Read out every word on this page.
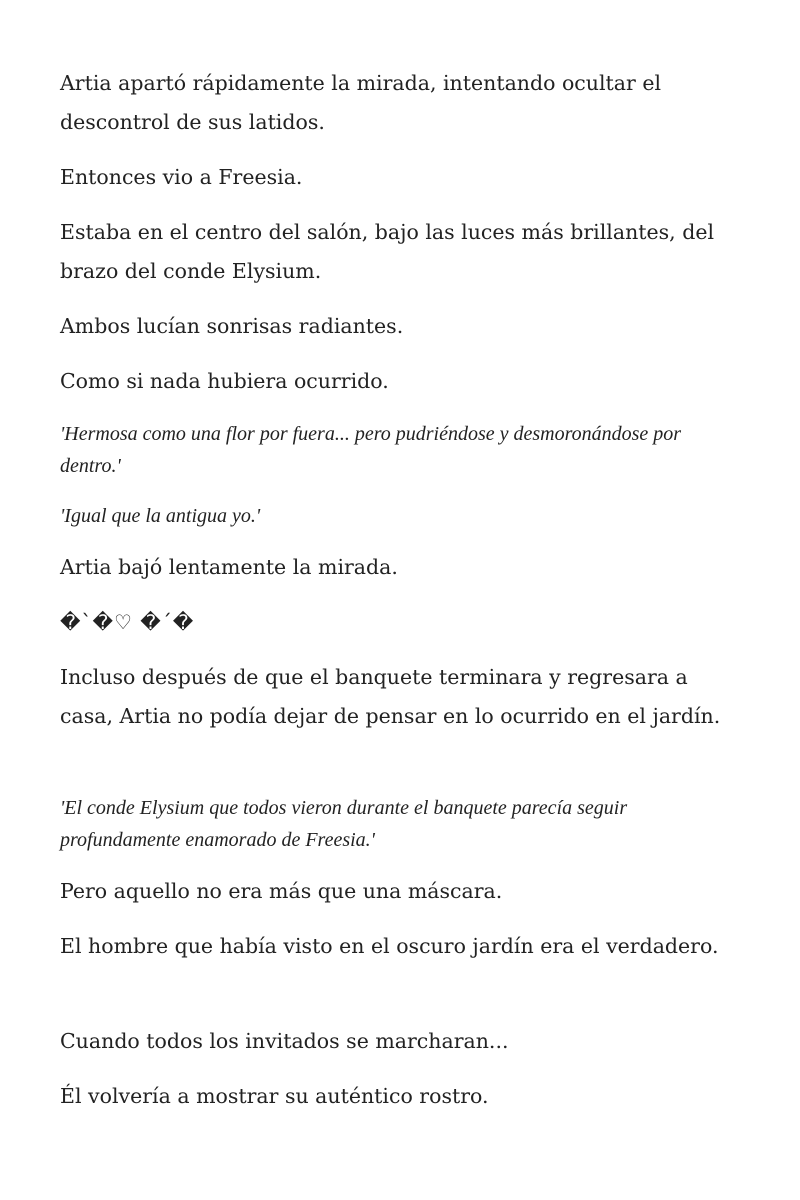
Artia apartó rápidamente la mirada, intentando ocultar el descontrol de sus latidos.

Entonces vio a Freesia.

Estaba en el centro del salón, bajo las luces más brillantes, del brazo del conde Elysium.

Ambos lucían sonrisas radiantes.

Como si nada hubiera ocurrido.

'Hermosa como una flor por fuera... pero pudriéndose y desmoronándose por dentro.'

'Igual que la antigua yo.'

Artia bajó lentamente la mirada.

�`�♡ �´�

Incluso después de que el banquete terminara y regresara a casa, Artia no podía dejar de pensar en lo ocurrido en el jardín.

'El conde Elysium que todos vieron durante el banquete parecía seguir profundamente enamorado de Freesia.'

Pero aquello no era más que una máscara.

El hombre que había visto en el oscuro jardín era el verdadero.

Cuando todos los invitados se marcharan...

Él volvería a mostrar su auténtico rostro.
